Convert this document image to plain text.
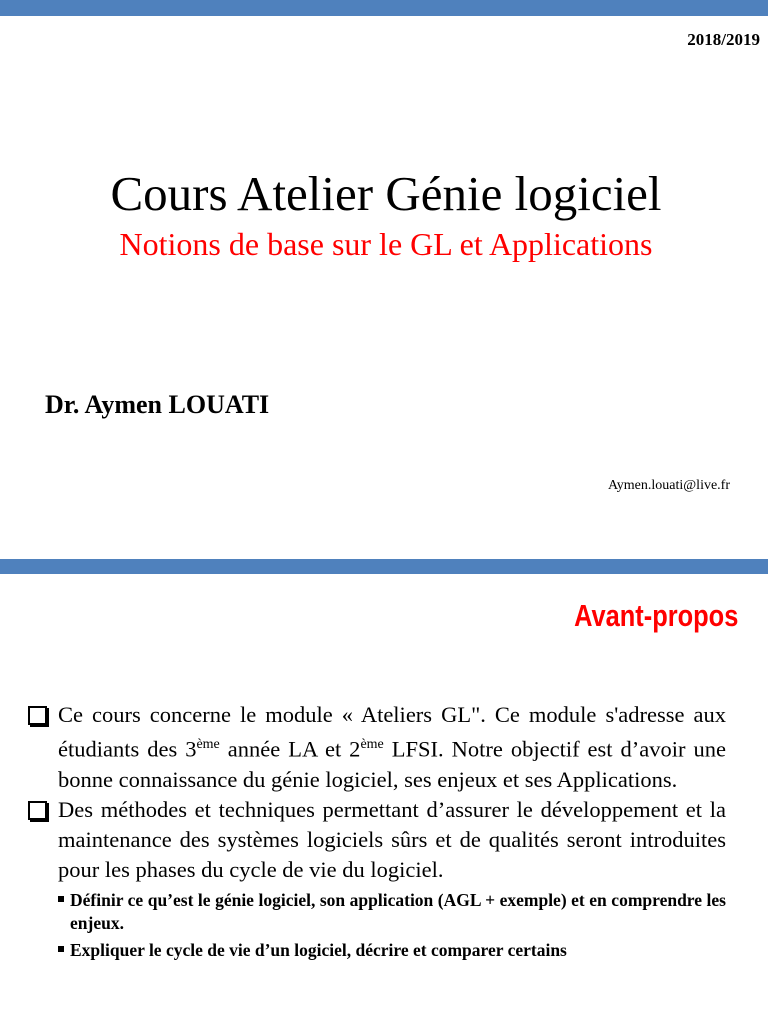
2018/2019
Cours Atelier Génie logiciel
Notions de base sur le GL et Applications
Dr. Aymen LOUATI
Aymen.louati@live.fr
Avant-propos
Ce cours concerne le module « Ateliers GL". Ce module s'adresse aux étudiants des 3ème année LA et 2ème LFSI. Notre objectif est d’avoir une bonne connaissance du génie logiciel, ses enjeux et ses Applications.
Des méthodes et techniques permettant d’assurer le développement et la maintenance des systèmes logiciels sûrs et de qualités seront introduites pour les phases du cycle de vie du logiciel.
Définir ce qu’est le génie logiciel, son application (AGL + exemple) et en comprendre les enjeux.
Expliquer le cycle de vie d’un logiciel, décrire et comparer certains
